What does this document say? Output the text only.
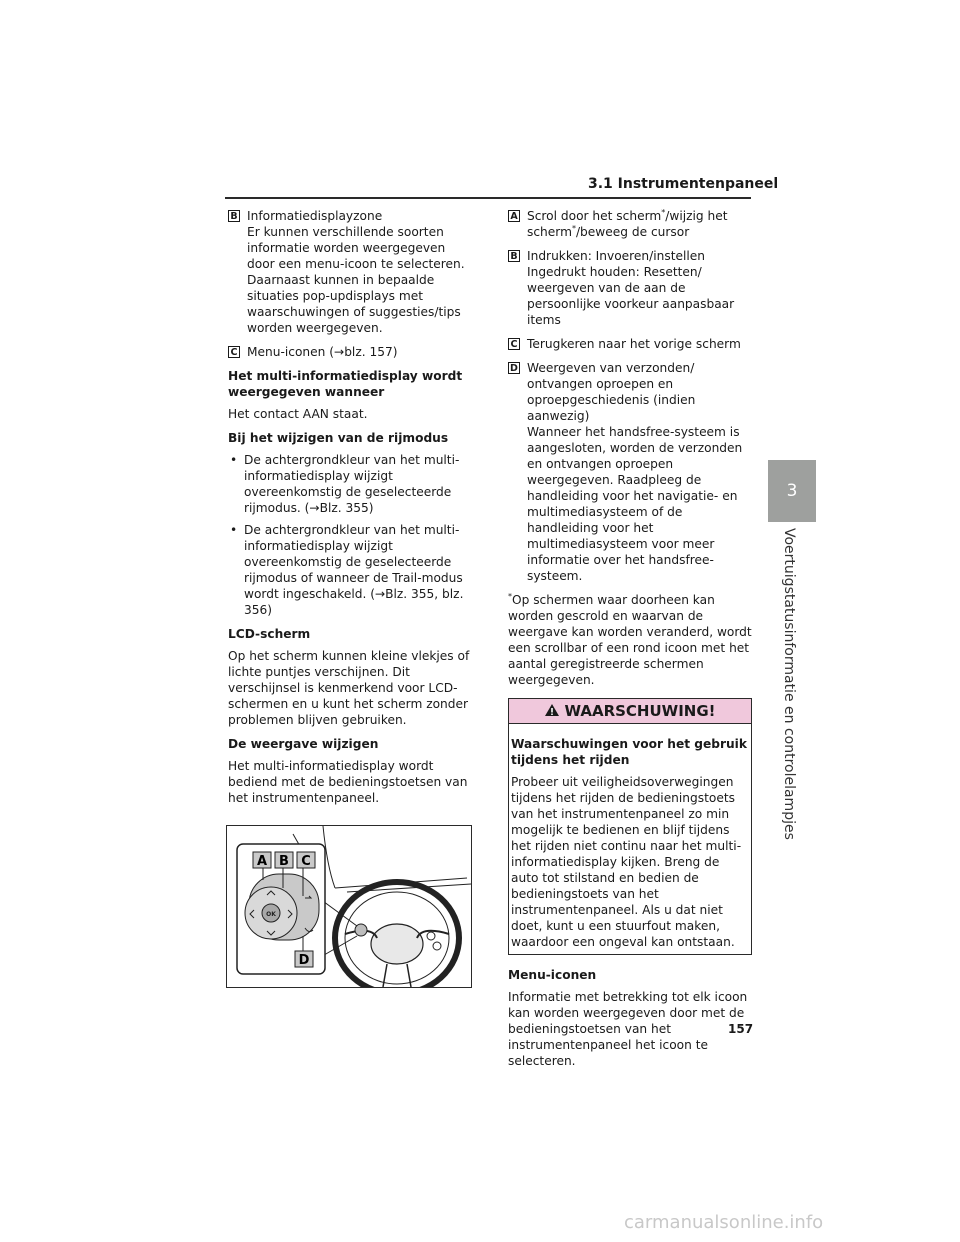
3.1 Instrumentenpaneel
B Informatiedisplayzone
Er kunnen verschillende soorten informatie worden weergegeven door een menu-icoon te selecteren. Daarnaast kunnen in bepaalde situaties pop-updisplays met waarschuwingen of suggesties/tips worden weergegeven.
C Menu-iconen (→blz. 157)
Het multi-informatiedisplay wordt weergegeven wanneer

Het contact AAN staat.

Bij het wijzigen van de rijmodus
• De achtergrondkleur van het multi-informatiedisplay wijzigt overeenkomstig de geselecteerde rijmodus. (→Blz. 355)
• De achtergrondkleur van het multi-informatiedisplay wijzigt overeenkomstig de geselecteerde rijmodus of wanneer de Trail-modus wordt ingeschakeld. (→Blz. 355, blz. 356)
LCD-scherm

Op het scherm kunnen kleine vlekjes of lichte puntjes verschijnen. Dit verschijnsel is kenmerkend voor LCD-schermen en u kunt het scherm zonder problemen blijven gebruiken.

De weergave wijzigen

Het multi-informatiedisplay wordt bediend met de bedieningstoetsen van het instrumentenpaneel.

OK
A B C
D
A Scrol door het scherm*/wijzig het scherm*/beweeg de cursor
B Indrukken: Invoeren/instellen
Ingedrukt houden: Resetten/ weergeven van de aan de persoonlijke voorkeur aanpasbaar items
C Terugkeren naar het vorige scherm
D Weergeven van verzonden/ ontvangen oproepen en oproepgeschiedenis (indien aanwezig)
Wanneer het handsfree-systeem is aangesloten, worden de verzonden en ontvangen oproepen weergegeven. Raadpleeg de handleiding voor het navigatie- en multimediasysteem of de handleiding voor het multimediasysteem voor meer informatie over het handsfree-systeem.

*Op schermen waar doorheen kan worden gescrold en waarvan de weergave kan worden veranderd, wordt een scrollbar of een rond icoon met het aantal geregistreerde schermen weergegeven.

WAARSCHUWING!
Waarschuwingen voor het gebruik tijdens het rijden
Probeer uit veiligheidsoverwegingen tijdens het rijden de bedieningstoets van het instrumentenpaneel zo min mogelijk te bedienen en blijf tijdens het rijden niet continu naar het multi-informatiedisplay kijken. Breng de auto tot stilstand en bedien de bedieningstoets van het instrumentenpaneel. Als u dat niet doet, kunt u een stuurfout maken, waardoor een ongeval kan ontstaan.
Menu-iconen

Informatie met betrekking tot elk icoon kan worden weergegeven door met de bedieningstoetsen van het instrumentenpaneel het icoon te selecteren.

3
Voertuigstatusinformatie en controlelampjes
157
carmanualsonline.info
